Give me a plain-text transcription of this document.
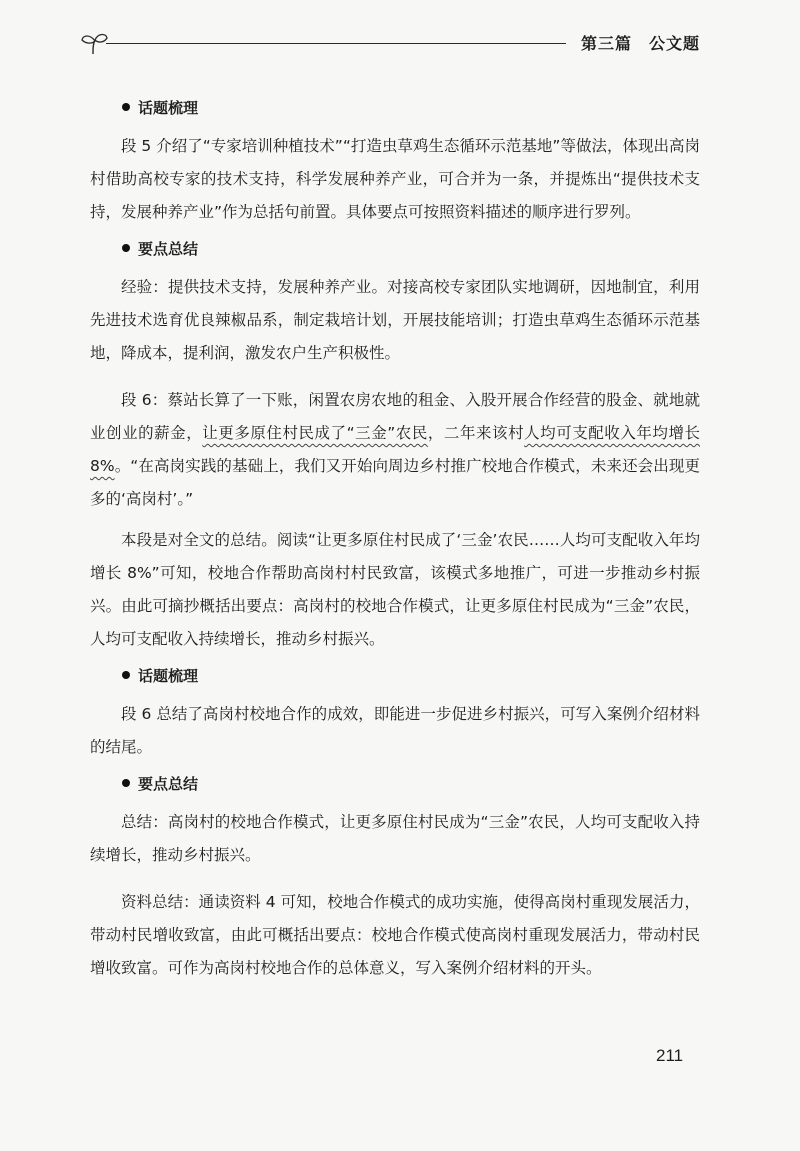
第三篇　公文题
话题梳理

段 5 介绍了“专家培训种植技术”“打造虫草鸡生态循环示范基地”等做法，体现出高岗村借助高校专家的技术支持，科学发展种养产业，可合并为一条，并提炼出“提供技术支持，发展种养产业”作为总括句前置。具体要点可按照资料描述的顺序进行罗列。

要点总结

经验：提供技术支持，发展种养产业。对接高校专家团队实地调研，因地制宜，利用先进技术选育优良辣椒品系，制定栽培计划，开展技能培训；打造虫草鸡生态循环示范基地，降成本，提利润，激发农户生产积极性。

段 6：蔡站长算了一下账，闲置农房农地的租金、入股开展合作经营的股金、就地就业创业的薪金，让更多原住村民成了“三金”农民，二年来该村人均可支配收入年均增长 8%。“在高岗实践的基础上，我们又开始向周边乡村推广校地合作模式，未来还会出现更多的‘高岗村’。”

本段是对全文的总结。阅读“让更多原住村民成了‘三金’农民……人均可支配收入年均增长 8%”可知，校地合作帮助高岗村村民致富，该模式多地推广，可进一步推动乡村振兴。由此可摘抄概括出要点：高岗村的校地合作模式，让更多原住村民成为“三金”农民，人均可支配收入持续增长，推动乡村振兴。

话题梳理

段 6 总结了高岗村校地合作的成效，即能进一步促进乡村振兴，可写入案例介绍材料的结尾。

要点总结

总结：高岗村的校地合作模式，让更多原住村民成为“三金”农民，人均可支配收入持续增长，推动乡村振兴。

资料总结：通读资料 4 可知，校地合作模式的成功实施，使得高岗村重现发展活力，带动村民增收致富，由此可概括出要点：校地合作模式使高岗村重现发展活力，带动村民增收致富。可作为高岗村校地合作的总体意义，写入案例介绍材料的开头。

211
